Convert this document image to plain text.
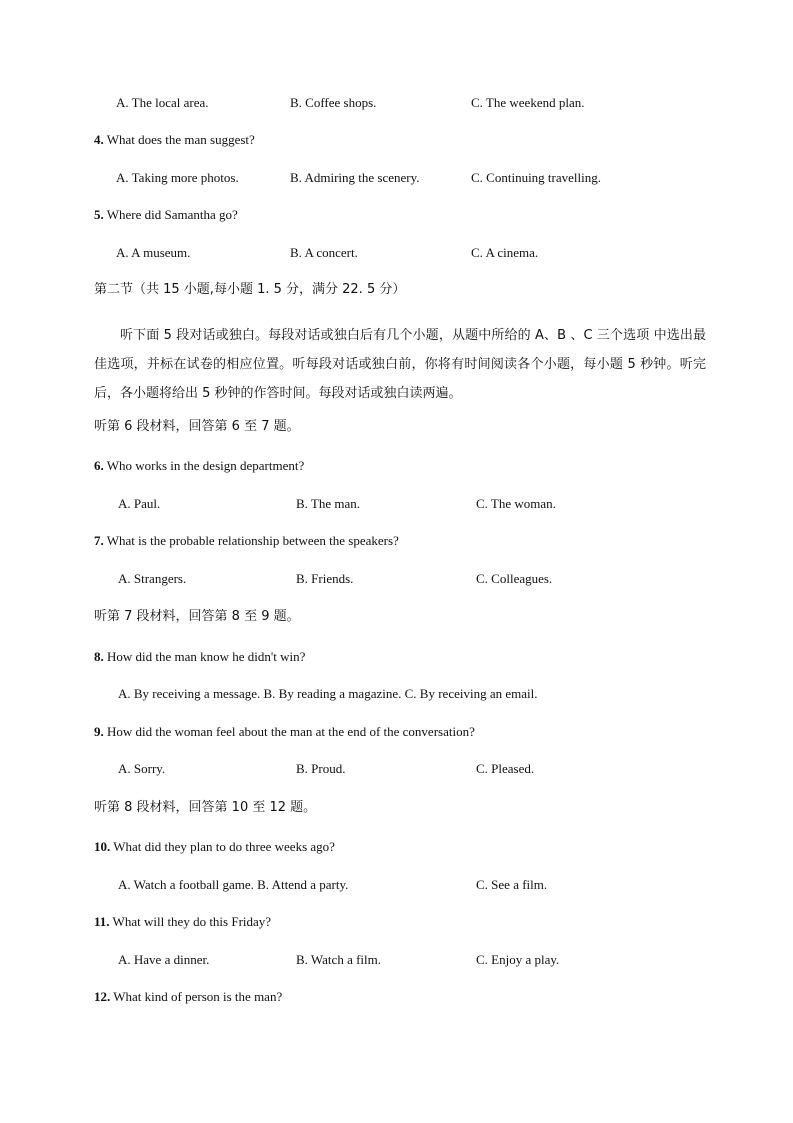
A. The local area.	B. Coffee shops.	C. The weekend plan.
4. What does the man suggest?
A. Taking more photos.	B. Admiring the scenery.	C. Continuing travelling.
5. Where did Samantha go?
A. A museum.	B. A concert.	C. A cinema.
第二节（共 15 小题,每小题 1. 5 分，满分 22. 5 分）
听下面 5 段对话或独白。每段对话或独白后有几个小题，从题中所给的 A、B 、C 三个选项 中选出最佳选项，并标在试卷的相应位置。听每段对话或独白前，你将有时间阅读各个小题，每小题 5 秒钟。听完后，各小题将给出 5 秒钟的作答时间。每段对话或独白读两遍。
听第 6 段材料，回答第 6 至 7 题。
6. Who works in the design department?
A. Paul.	B. The man.	C. The woman.
7. What is the probable relationship between the speakers?
A. Strangers.	B. Friends.	C. Colleagues.
听第 7 段材料，回答第 8 至 9 题。
8. How did the man know he didn't win?
A. By receiving a message. B. By reading a magazine. C. By receiving an email.
9. How did the woman feel about the man at the end of the conversation?
A. Sorry.	B. Proud.	C. Pleased.
听第 8 段材料，回答第 10 至 12 题。
10. What did they plan to do three weeks ago?
A. Watch a football game. B. Attend a party.	C. See a film.
11. What will they do this Friday?
A. Have a dinner.	B. Watch a film.	C. Enjoy a play.
12. What kind of person is the man?
